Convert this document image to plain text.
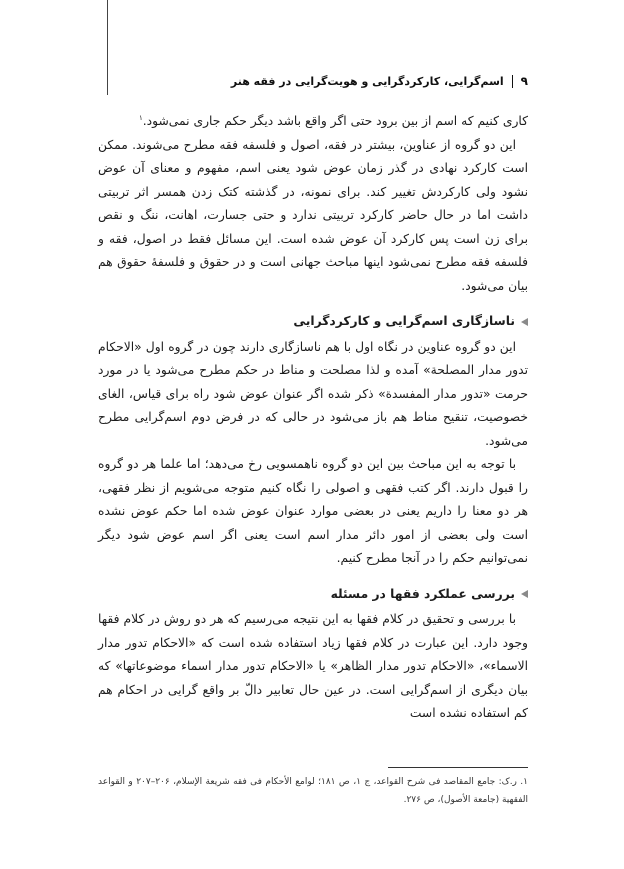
۹
اسم‌گرایی، کارکردگرایی و هویت‌گرایی در فقه هنر

کاری کنیم که اسم از بین برود حتی اگر واقع باشد دیگر حکم جاری نمی‌شود.$^۱$

این دو گروه از عناوین، بیشتر در فقه، اصول و فلسفه فقه مطرح می‌شوند. ممکن است کارکرد نهادی در گذر زمان عوض شود یعنی اسم، مفهوم و معنای آن عوض نشود ولی کارکردش تغییر کند. برای نمونه، در گذشته کتک زدن همسر اثر تربیتی داشت اما در حال حاضر کارکرد تربیتی ندارد و حتی جسارت، اهانت، ننگ و نقص برای زن است پس کارکرد آن عوض شده است. این مسائل فقط در اصول، فقه و فلسفه فقه مطرح نمی‌شود اینها مباحث جهانی است و در حقوق و فلسفهٔ حقوق هم بیان می‌شود.

ناسازگاری اسم‌گرایی و کارکردگرایی

این دو گروه عناوین در نگاه اول با هم ناسازگاری دارند چون در گروه اول «الاحکام تدور مدار المصلحة» آمده و لذا مصلحت و مناط در حکم مطرح می‌شود یا در مورد حرمت «تدور مدار المفسدة» ذکر شده اگر عنوان عوض شود راه برای قیاس، الغای خصوصیت، تنقیح مناط هم باز می‌شود در حالی که در فرض دوم اسم‌گرایی مطرح می‌شود.

با توجه به این مباحث بین این دو گروه ناهمسویی رخ می‌دهد؛ اما علما هر دو گروه را قبول دارند. اگر کتب فقهی و اصولی را نگاه کنیم متوجه می‌شویم از نظر فقهی، هر دو معنا را داریم یعنی در بعضی موارد عنوان عوض شده اما حکم عوض نشده است ولی بعضی از امور دائر مدار اسم است یعنی اگر اسم عوض شود دیگر نمی‌توانیم حکم را در آنجا مطرح کنیم.

بررسی عملکرد فقها در مسئله

با بررسی و تحقیق در کلام فقها به این نتیجه می‌رسیم که هر دو روش در کلام فقها وجود دارد. این عبارت در کلام فقها زیاد استفاده شده است که «الاحکام تدور مدار الاسماء»، «الاحکام تدور مدار الظاهر» یا «الاحکام تدور مدار اسماء موضوعاتها» که بیان دیگری از اسم‌گرایی است. در عین حال تعابیر دالّ بر واقع گرایی در احکام هم کم استفاده نشده است

۱. ر.ک: جامع المقاصد فی شرح القواعد، ج ۱، ص ۱۸۱؛ لوامع الأحکام فی فقه شریعة الإسلام، ۲۰۶–۲۰۷ و القواعد الفقهیة (جامعة الأصول)، ص ۲۷۶.
